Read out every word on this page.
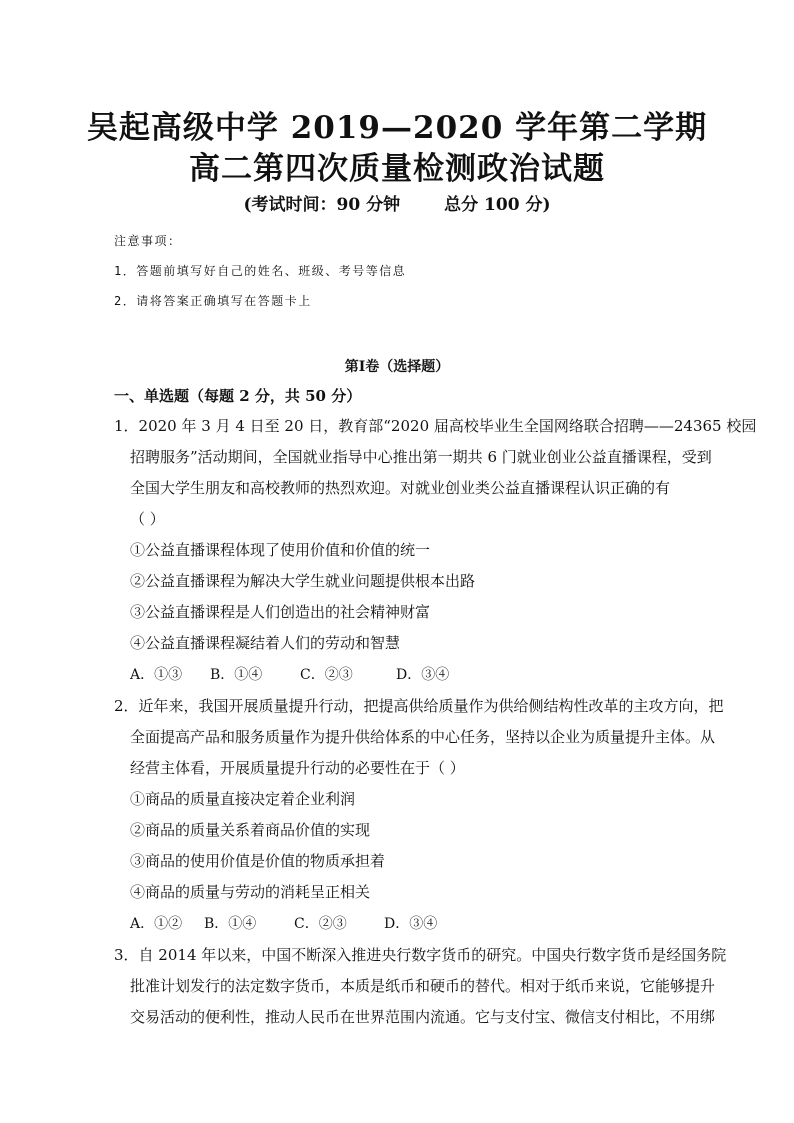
吴起高级中学 2019—2020 学年第二学期
高二第四次质量检测政治试题
(考试时间：90 分钟	总分 100 分)
注意事项：
1．答题前填写好自己的姓名、班级、考号等信息
2．请将答案正确填写在答题卡上
第I卷（选择题）
一、单选题（每题 2 分，共 50 分）
1．2020 年 3 月 4 日至 20 日，教育部“2020 届高校毕业生全国网络联合招聘——24365 校园
招聘服务”活动期间，全国就业指导中心推出第一期共 6 门就业创业公益直播课程，受到
全国大学生朋友和高校教师的热烈欢迎。对就业创业类公益直播课程认识正确的有
（ ）
①公益直播课程体现了使用价值和价值的统一
②公益直播课程为解决大学生就业问题提供根本出路
③公益直播课程是人们创造出的社会精神财富
④公益直播课程凝结着人们的劳动和智慧
A．①③ B．①④	C．②③	D．③④
2．近年来，我国开展质量提升行动，把提高供给质量作为供给侧结构性改革的主攻方向，把
全面提高产品和服务质量作为提升供给体系的中心任务，坚持以企业为质量提升主体。从
经营主体看，开展质量提升行动的必要性在于（ ）
①商品的质量直接决定着企业利润
②商品的质量关系着商品价值的实现
③商品的使用价值是价值的物质承担着
④商品的质量与劳动的消耗呈正相关
A．①② B．①④	C．②③	D．③④
3．自 2014 年以来，中国不断深入推进央行数字货币的研究。中国央行数字货币是经国务院
批准计划发行的法定数字货币，本质是纸币和硬币的替代。相对于纸币来说，它能够提升
交易活动的便利性，推动人民币在世界范围内流通。它与支付宝、微信支付相比，不用绑
